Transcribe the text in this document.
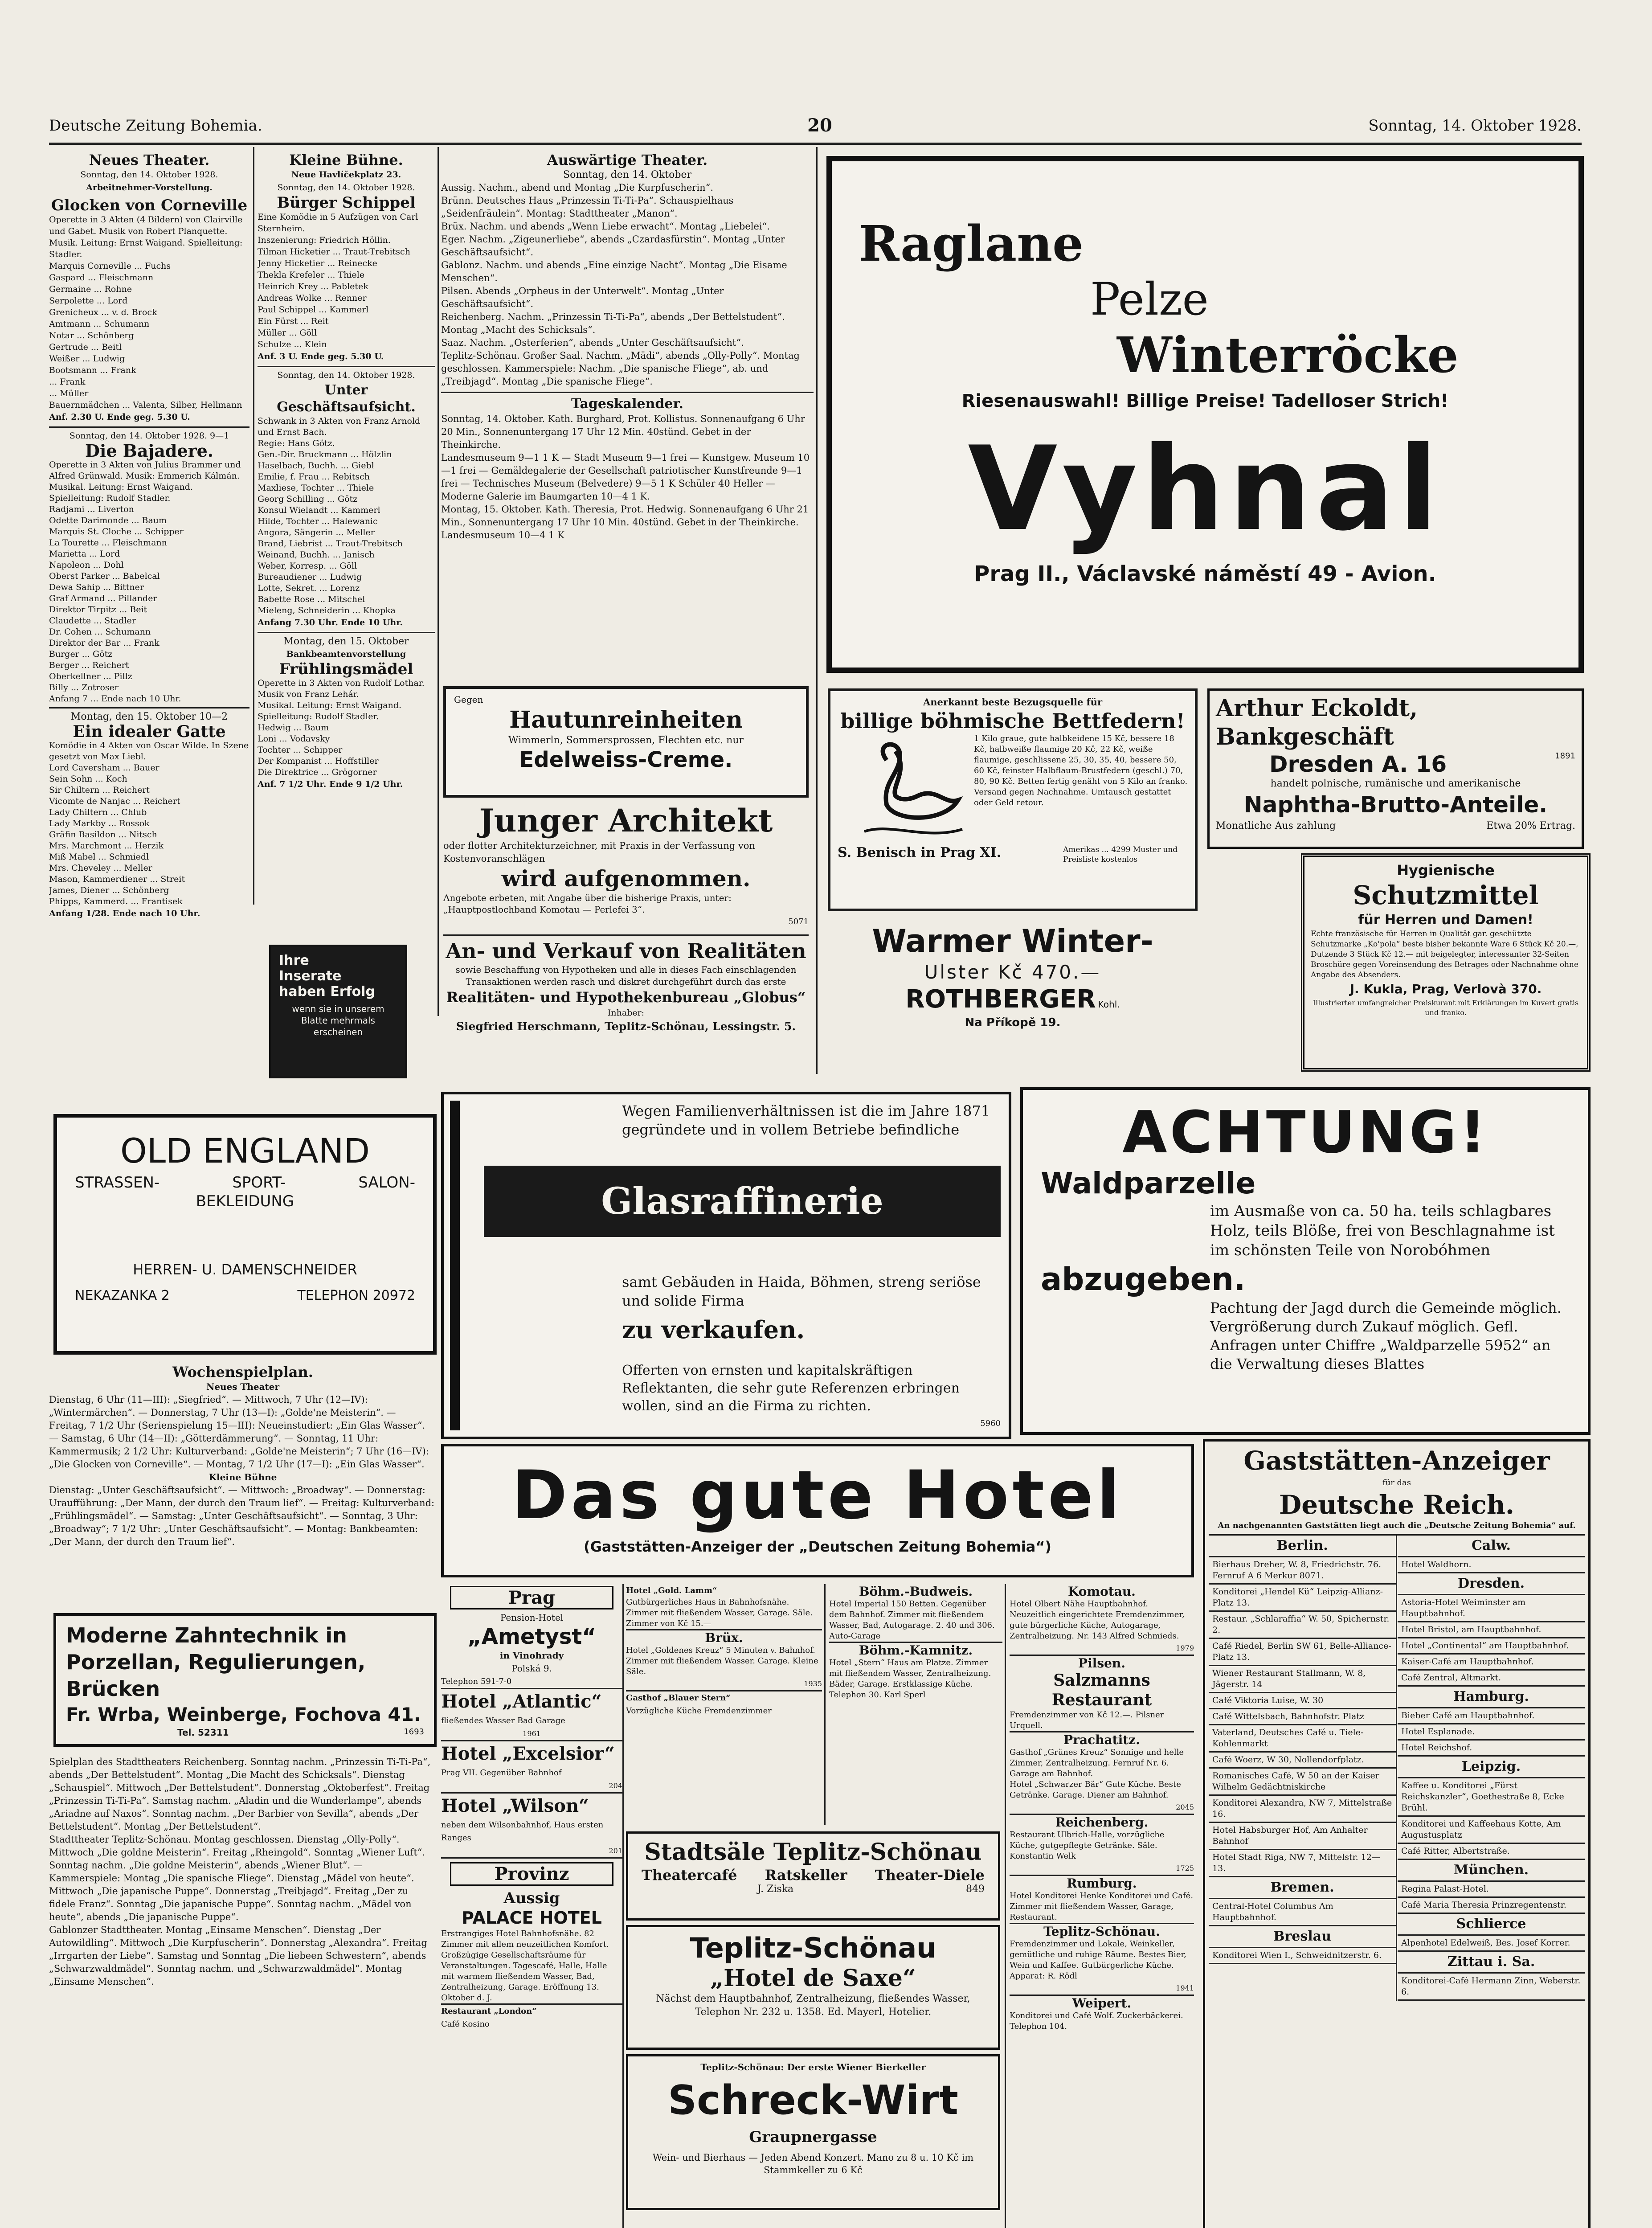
Deutsche Zeitung Bohemia.	20	Sonntag, 14. Oktober 1928.
Neues Theater.
Sonntag, den 14. Oktober 1928.
Arbeitnehmer-Vorstellung.
Glocken von Corneville
Operette in 3 Akten (4 Bildern) von Clairville und Gabet. Musik von Robert Planquette.
Musik. Leitung: Ernst Waigand. Spielleitung: Stadler.
Marquis Corneville ... Fuchs
Gaspard ... Fleischmann
Germaine ... Rohne
Serpolette ... Lord
Grenicheux ... v. d. Brock
Amtmann ... Schumann
Notar ... Schönberg
Gertrude ... Beitl
Weißer ... Ludwig
Bootsmann ... Frank
... Frank
... Müller
Bauernmädchen ... Valenta, Silber, Hellmann
Anf. 2.30 U. Ende geg. 5.30 U.
Sonntag, den 14. Oktober 1928. 9—1
Die Bajadere.
Operette in 3 Akten von Julius Brammer und Alfred Grünwald. Musik: Emmerich Kálmán.
Musikal. Leitung: Ernst Waigand. Spielleitung: Rudolf Stadler.
Radjami ... Liverton
Odette Darimonde ... Baum
Marquis St. Cloche ... Schipper
La Tourette ... Fleischmann
Marietta ... Lord
Napoleon ... Dohl
Oberst Parker ... Babelcal
Dewa Sahip ... Bittner
Graf Armand ... Pillander
Direktor Tirpitz ... Beit
Claudette ... Stadler
Dr. Cohen ... Schumann
Direktor der Bar ... Frank
Burger ... Götz
Berger ... Reichert
Oberkellner ... Pillz
Billy ... Zotroser
Anfang 7 ... Ende nach 10 Uhr.
Montag, den 15. Oktober 10—2
Ein idealer Gatte
Komödie in 4 Akten von Oscar Wilde. In Szene gesetzt von Max Liebl.
Lord Caversham ... Bauer
Sein Sohn ... Koch
Sir Chiltern ... Reichert
Vicomte de Nanjac ... Reichert
Lady Chiltern ... Chlub
Lady Markby ... Rossok
Gräfin Basildon ... Nitsch
Mrs. Marchmont ... Herzik
Miß Mabel ... Schmiedl
Mrs. Cheveley ... Meller
Mason, Kammerdiener ... Streit
James, Diener ... Schönberg
Phipps, Kammerd. ... Frantisek
Anfang 1/28. Ende nach 10 Uhr.
Kleine Bühne.
Neue Havlíčekplatz 23.
Sonntag, den 14. Oktober 1928.
Bürger Schippel
Eine Komödie in 5 Aufzügen von Carl Sternheim.
Inszenierung: Friedrich Höllin.
Tilman Hicketier ... Traut-Trebitsch
Jenny Hicketier ... Reinecke
Thekla Krefeler ... Thiele
Heinrich Krey ... Pabletek
Andreas Wolke ... Renner
Paul Schippel ... Kammerl
Ein Fürst ... Reit
Müller ... Göll
Schulze ... Klein
Anf. 3 U. Ende geg. 5.30 U.
Sonntag, den 14. Oktober 1928.
Unter Geschäftsaufsicht.
Schwank in 3 Akten von Franz Arnold und Ernst Bach.
Regie: Hans Götz.
Gen.-Dir. Bruckmann ... Hölzlin
Haselbach, Buchh. ... Giebl
Emilie, f. Frau ... Rebitsch
Maxliese, Tochter ... Thiele
Georg Schilling ... Götz
Konsul Wielandt ... Kammerl
Hilde, Tochter ... Halewanic
Angora, Sängerin ... Meller
Brand, Liebrist ... Traut-Trebitsch
Weinand, Buchh. ... Janisch
Weber, Korresp. ... Göll
Bureaudiener ... Ludwig
Lotte, Sekret. ... Lorenz
Babette Rose ... Mitschel
Mieleng, Schneiderin ... Khopka
Anfang 7.30 Uhr. Ende 10 Uhr.
Montag, den 15. Oktober
Bankbeamtenvorstellung
Frühlingsmädel
Operette in 3 Akten von Rudolf Lothar. Musik von Franz Lehár.
Musikal. Leitung: Ernst Waigand. Spielleitung: Rudolf Stadler.
Hedwig ... Baum
Loni ... Vodavsky
Tochter ... Schipper
Der Kompanist ... Hoffstiller
Die Direktrice ... Grögorner
Anf. 7 1/2 Uhr. Ende 9 1/2 Uhr.
Ihre
Inserate
haben Erfolg
wenn sie in unserem Blatte mehrmals erscheinen
Auswärtige Theater.
Sonntag, den 14. Oktober
Aussig. Nachm., abend und Montag „Die Kurpfuscherin“.
Brünn. Deutsches Haus „Prinzessin Ti-Ti-Pa“. Schauspielhaus „Seidenfräulein“. Montag: Stadttheater „Manon“.
Brüx. Nachm. und abends „Wenn Liebe erwacht“. Montag „Liebelei“.
Eger. Nachm. „Zigeunerliebe“, abends „Czardasfürstin“. Montag „Unter Geschäftsaufsicht“.
Gablonz. Nachm. und abends „Eine einzige Nacht“. Montag „Die Eisame Menschen“.
Pilsen. Abends „Orpheus in der Unterwelt“. Montag „Unter Geschäftsaufsicht“.
Reichenberg. Nachm. „Prinzessin Ti-Ti-Pa“, abends „Der Bettelstudent“. Montag „Macht des Schicksals“.
Saaz. Nachm. „Osterferien“, abends „Unter Geschäftsaufsicht“.
Teplitz-Schönau. Großer Saal. Nachm. „Mädi“, abends „Olly-Polly“. Montag geschlossen. Kammerspiele: Nachm. „Die spanische Fliege“, ab. und „Treibjagd“. Montag „Die spanische Fliege“.
Tageskalender.
Sonntag, 14. Oktober. Kath. Burghard, Prot. Kollistus. Sonnenaufgang 6 Uhr 20 Min., Sonnenuntergang 17 Uhr 12 Min. 40stünd. Gebet in der Theinkirche.
Landesmuseum 9—1 1 K — Stadt Museum 9—1 frei — Kunstgew. Museum 10—1 frei — Gemäldegalerie der Gesellschaft patriotischer Kunstfreunde 9—1 frei — Technisches Museum (Belvedere) 9—5 1 K Schüler 40 Heller — Moderne Galerie im Baumgarten 10—4 1 K.
Montag, 15. Oktober. Kath. Theresia, Prot. Hedwig. Sonnenaufgang 6 Uhr 21 Min., Sonnenuntergang 17 Uhr 10 Min. 40stünd. Gebet in der Theinkirche.
Landesmuseum 10—4 1 K
Gegen
Hautunreinheiten
Wimmerln, Sommersprossen, Flechten etc. nur
Edelweiss-Creme.
Junger Architekt
oder flotter Architekturzeichner, mit Praxis in der Verfassung von Kostenvoranschlägen
wird aufgenommen.
Angebote erbeten, mit Angabe über die bisherige Praxis, unter: „Hauptpostlochband Komotau — Perlefei 3“.
5071
An- und Verkauf von Realitäten
sowie Beschaffung von Hypotheken und alle in dieses Fach einschlagenden Transaktionen werden rasch und diskret durchgeführt durch das erste
Realitäten- und Hypothekenbureau „Globus“
Inhaber:
Siegfried Herschmann, Teplitz-Schönau, Lessingstr. 5.
Raglane
Pelze
Winterröcke
Riesenauswahl! Billige Preise! Tadelloser Strich!
Vyhnal
Prag II., Václavské náměstí 49 - Avion.
Anerkannt beste Bezugsquelle für
billige böhmische Bettfedern!
1 Kilo graue, gute halbkeidene 15 Kč, bessere 18 Kč, halbweiße flaumige 20 Kč, 22 Kč, weiße flaumige, geschlissene 25, 30, 35, 40, bessere 50, 60 Kč, feinster Halbflaum-Brustfedern (geschl.) 70, 80, 90 Kč. Betten fertig genäht von 5 Kilo an franko. Versand gegen Nachnahme. Umtausch gestattet oder Geld retour.
S. Benisch in Prag XI.	Amerikas ... 4299 Muster und Preisliste kostenlos
Warmer Winter-
Ulster Kč 470.—
ROTHBERGER Kohl.
Na Příkopě 19.
Arthur Eckoldt, Bankgeschäft
Dresden A. 16	1891
handelt polnische, rumänische und amerikanische
Naphtha-Brutto-Anteile.
Monatliche Aus zahlung	Etwa 20% Ertrag.
Hygienische
Schutzmittel
für Herren und Damen!
Echte französische für Herren in Qualität gar. geschützte Schutzmarke „Ko'pola“ beste bisher bekannte Ware 6 Stück Kč 20.—, Dutzende 3 Stück Kč 12.— mit beigelegter, interessanter 32-Seiten Broschüre gegen Voreinsendung des Betrages oder Nachnahme ohne Angabe des Absenders.
J. Kukla, Prag, Verlovà 370.
Illustrierter umfangreicher Preiskurant mit Erklärungen im Kuvert gratis und franko.
OLD ENGLAND
STRASSEN-	SPORT-	SALON-
BEKLEIDUNG
HERREN- U. DAMENSCHNEIDER
NEKAZANKA 2	TELEPHON 20972
Wochenspielplan.
Neues Theater
Dienstag, 6 Uhr (11—III): „Siegfried“. — Mittwoch, 7 Uhr (12—IV): „Wintermärchen“. — Donnerstag, 7 Uhr (13—I): „Golde'ne Meisterin“. — Freitag, 7 1/2 Uhr (Serienspielung 15—III): Neueinstudiert: „Ein Glas Wasser“. — Samstag, 6 Uhr (14—II): „Götterdämmerung“. — Sonntag, 11 Uhr: Kammermusik; 2 1/2 Uhr: Kulturverband: „Golde'ne Meisterin“; 7 Uhr (16—IV): „Die Glocken von Corneville“. — Montag, 7 1/2 Uhr (17—I): „Ein Glas Wasser“.
Kleine Bühne
Dienstag: „Unter Geschäftsaufsicht“. — Mittwoch: „Broadway“. — Donnerstag: Uraufführung: „Der Mann, der durch den Traum lief“. — Freitag: Kulturverband: „Frühlingsmädel“. — Samstag: „Unter Geschäftsaufsicht“. — Sonntag, 3 Uhr: „Broadway“; 7 1/2 Uhr: „Unter Geschäftsaufsicht“. — Montag: Bankbeamten: „Der Mann, der durch den Traum lief“.
Moderne Zahntechnik in Porzellan, Regulierungen, Brücken
Fr. Wrba, Weinberge, Fochova 41.
Tel. 52311	1693
Spielplan des Stadttheaters Reichenberg. Sonntag nachm. „Prinzessin Ti-Ti-Pa“, abends „Der Bettelstudent“. Montag „Die Macht des Schicksals“. Dienstag „Schauspiel“. Mittwoch „Der Bettelstudent“. Donnerstag „Oktoberfest“. Freitag „Prinzessin Ti-Ti-Pa“. Samstag nachm. „Aladin und die Wunderlampe“, abends „Ariadne auf Naxos“. Sonntag nachm. „Der Barbier von Sevilla“, abends „Der Bettelstudent“. Montag „Der Bettelstudent“.
Stadttheater Teplitz-Schönau. Montag geschlossen. Dienstag „Olly-Polly“. Mittwoch „Die goldne Meisterin“. Freitag „Rheingold“. Sonntag „Wiener Luft“. Sonntag nachm. „Die goldne Meisterin“, abends „Wiener Blut“. — Kammerspiele: Montag „Die spanische Fliege“. Dienstag „Mädel von heute“. Mittwoch „Die japanische Puppe“. Donnerstag „Treibjagd“. Freitag „Der zu fidele Franz“. Sonntag „Die japanische Puppe“. Sonntag nachm. „Mädel von heute“, abends „Die japanische Puppe“.
Gablonzer Stadttheater. Montag „Einsame Menschen“. Dienstag „Der Autowildling“. Mittwoch „Die Kurpfuscherin“. Donnerstag „Alexandra“. Freitag „Irrgarten der Liebe“. Samstag und Sonntag „Die liebeen Schwestern“, abends „Schwarzwaldmädel“. Sonntag nachm. und „Schwarzwaldmädel“. Montag „Einsame Menschen“.
Wegen Familienverhältnissen ist die im Jahre 1871 gegründete und in vollem Betriebe befindliche
Glasraffinerie
samt Gebäuden in Haida, Böhmen, streng seriöse und solide Firma
zu verkaufen.
Offerten von ernsten und kapitalskräftigen Reflektanten, die sehr gute Referenzen erbringen wollen, sind an die Firma zu richten.
5960
ACHTUNG!
Waldparzelle
im Ausmaße von ca. 50 ha. teils schlagbares Holz, teils Blöße, frei von Beschlagnahme ist im schönsten Teile von Norobóhmen
abzugeben.
Pachtung der Jagd durch die Gemeinde möglich. Vergrößerung durch Zukauf möglich. Gefl. Anfragen unter Chiffre „Waldparzelle 5952“ an die Verwaltung dieses Blattes
Das gute Hotel
(Gaststätten-Anzeiger der „Deutschen Zeitung Bohemia“)
Prag
Pension-Hotel
„Ametyst“
in Vinohrady
Polská 9.
Telephon 591-7-0
Hotel „Atlantic“
fließendes Wasser Bad Garage
1961
Hotel „Excelsior“
Prag VII. Gegenüber Bahnhof
204
Hotel „Wilson“
neben dem Wilsonbahnhof, Haus ersten Ranges
201
Provinz
Aussig
PALACE HOTEL
Erstrangiges Hotel Bahnhofsnähe. 82 Zimmer mit allem neuzeitlichen Komfort. Großzügige Gesellschaftsräume für Veranstaltungen. Tagescafé, Halle, Halle mit warmem fließendem Wasser, Bad, Zentralheizung, Garage. Eröffnung 13. Oktober d. J.
Restaurant „London“
Café Kosino
Hotel „Gold. Lamm“
Gutbürgerliches Haus in Bahnhofsnähe. Zimmer mit fließendem Wasser, Garage. Säle. Zimmer von Kč 15.—
Brüx.
Hotel „Goldenes Kreuz“ 5 Minuten v. Bahnhof. Zimmer mit fließendem Wasser. Garage. Kleine Säle.
1935
Gasthof „Blauer Stern“
Vorzügliche Küche Fremdenzimmer
Stadtsäle Teplitz-Schönau
Theatercafé Ratskeller Theater-Diele
J. Ziska	849
Teplitz-Schönau
„Hotel de Saxe“
Nächst dem Hauptbahnhof, Zentralheizung, fließendes Wasser, Telephon Nr. 232 u. 1358. Ed. Mayerl, Hotelier.
Teplitz-Schönau: Der erste Wiener Bierkeller
Schreck-Wirt
Graupnergasse
Wein- und Bierhaus — Jeden Abend Konzert. Mano zu 8 u. 10 Kč im Stammkeller zu 6 Kč
Böhm.-Budweis.
Hotel Imperial 150 Betten. Gegenüber dem Bahnhof. Zimmer mit fließendem Wasser, Bad, Autogarage. 2. 40 und 306. Auto-Garage
Böhm.-Kamnitz.
Hotel „Stern“ Haus am Platze. Zimmer mit fließendem Wasser, Zentralheizung. Bäder, Garage. Erstklassige Küche. Telephon 30. Karl Sperl
Komotau.
Hotel Olbert Nähe Hauptbahnhof. Neuzeitlich eingerichtete Fremdenzimmer, gute bürgerliche Küche, Autogarage, Zentralheizung. Nr. 143 Alfred Schmieds.
1979
Pilsen.
Salzmanns Restaurant
Fremdenzimmer von Kč 12.—. Pilsner Urquell.
Prachatitz.
Gasthof „Grünes Kreuz“ Sonnige und helle Zimmer, Zentralheizung. Fernruf Nr. 6. Garage am Bahnhof.
Hotel „Schwarzer Bär“ Gute Küche. Beste Getränke. Garage. Diener am Bahnhof.
2045
Reichenberg.
Restaurant Ulbrich-Halle, vorzügliche Küche, gutgepflegte Getränke. Säle. Konstantin Welk
1725
Rumburg.
Hotel Konditorei Henke Konditorei und Café. Zimmer mit fließendem Wasser, Garage, Restaurant.
Teplitz-Schönau.
Fremdenzimmer und Lokale, Weinkeller, gemütliche und ruhige Räume. Bestes Bier, Wein und Kaffee. Gutbürgerliche Küche. Apparat: R. Rödl
1941
Weipert.
Konditorei und Café Wolf. Zuckerbäckerei. Telephon 104.
Gaststätten-Anzeiger
für das
Deutsche Reich.
An nachgenannten Gaststätten liegt auch die „Deutsche Zeitung Bohemia“ auf.
Berlin.
Bierhaus Dreher, W. 8, Friedrichstr. 76. Fernruf A 6 Merkur 8071.
Konditorei „Hendel Kü“ Leipzig-Allianz-Platz 13.
Restaur. „Schlaraffia“ W. 50, Spichernstr. 2.
Café Riedel, Berlin SW 61, Belle-Alliance-Platz 13.
Wiener Restaurant Stallmann, W. 8, Jägerstr. 14
Café Viktoria Luise, W. 30
Café Wittelsbach, Bahnhofstr. Platz
Vaterland, Deutsches Café u. Tiele-Kohlenmarkt
Café Woerz, W 30, Nollendorfplatz.
Romanisches Café, W 50 an der Kaiser Wilhelm Gedächtniskirche
Konditorei Alexandra, NW 7, Mittelstraße 16.
Hotel Habsburger Hof, Am Anhalter Bahnhof
Hotel Stadt Riga, NW 7, Mittelstr. 12—13.
Bremen.
Central-Hotel Columbus Am Hauptbahnhof.
Breslau
Konditorei Wien I., Schweidnitzerstr. 6.
Calw.
Hotel Waldhorn.
Dresden.
Astoria-Hotel Weiminster am Hauptbahnhof.
Hotel Bristol, am Hauptbahnhof.
Hotel „Continental“ am Hauptbahnhof.
Kaiser-Café am Hauptbahnhof.
Café Zentral, Altmarkt.
Hamburg.
Bieber Café am Hauptbahnhof.
Hotel Esplanade.
Hotel Reichshof.
Leipzig.
Kaffee u. Konditorei „Fürst Reichskanzler“, Goethestraße 8, Ecke Brühl.
Konditorei und Kaffeehaus Kotte, Am Augustusplatz
Café Ritter, Albertstraße.
München.
Regina Palast-Hotel.
Café Maria Theresia Prinzregentenstr.
Schlierce
Alpenhotel Edelweiß, Bes. Josef Korrer.
Zittau i. Sa.
Konditorei-Café Hermann Zinn, Weberstr. 6.
